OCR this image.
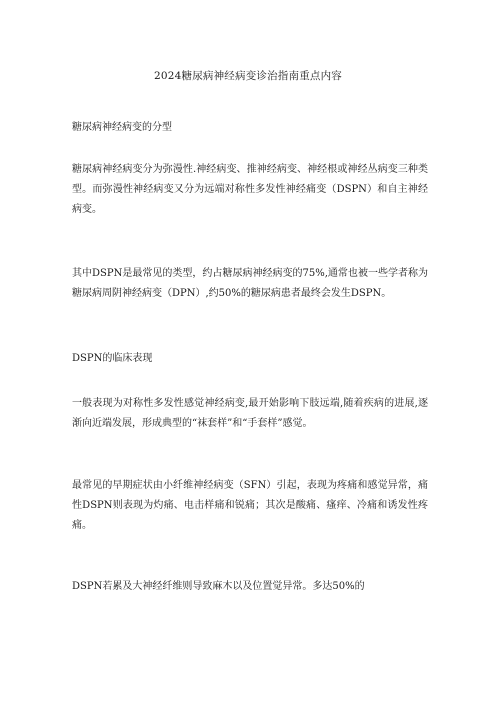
2024糖尿病神经病变诊治指南重点内容
糖尿病神经病变的分型
糖尿病神经病变分为弥漫性.神经病变、推神经病变、神经根或神经丛病变三种类型。而弥漫性神经病变又分为远端对称性多发性神经痛变（DSPN）和自主神经病变。
其中DSPN是最常见的类型，约占糖尿病神经病变的75%,通常也被一些学者称为糖尿病周阴神经病变（DPN）,约50%的糖尿病患者最终会发生DSPN。
DSPN的临床表现
一般表现为对称性多发性感觉神经病变,最开始影响下肢远端,随着疾病的进展,逐渐向近端发展，形成典型的“袜套样”和“手套样”感觉。
最常见的早期症状由小纤维神经病变（SFN）引起，表现为疼痛和感觉异常，痛性DSPN则表现为灼痛、电击样痛和锐痛；其次是酸痛、瘙痒、冷痛和诱发性疼痛。
DSPN若累及大神经纤维则导致麻木以及位置觉异常。多达50%的
